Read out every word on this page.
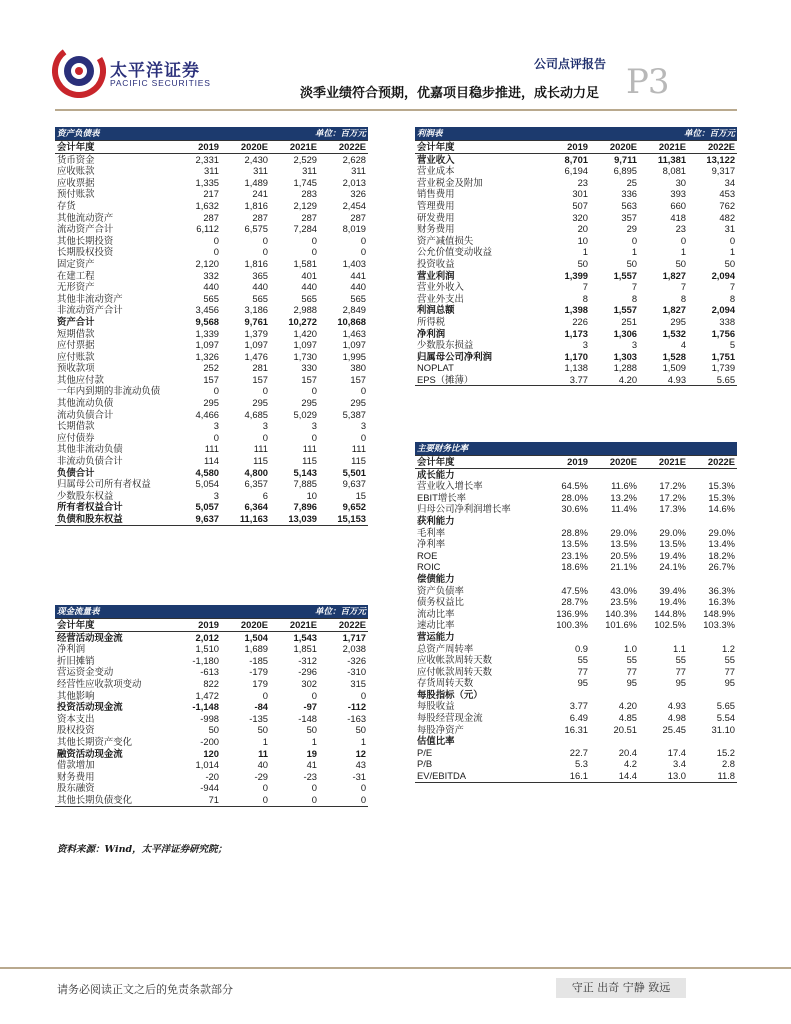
太平洋证券
PACIFIC SECURITIES
公司点评报告
淡季业绩符合预期，优嘉项目稳步推进，成长动力足 P3
资产负债表			单位：百万元	
会计年度	2019	2020E	2021E	2022E
货币资金	2,331	2,430	2,529	2,628
应收账款	311	311	311	311
应收票据	1,335	1,489	1,745	2,013
预付账款	217	241	283	326
存货	1,632	1,816	2,129	2,454
其他流动资产	287	287	287	287
流动资产合计	6,112	6,575	7,284	8,019
其他长期投资	0	0	0	0
长期股权投资	0	0	0	0
固定资产	2,120	1,816	1,581	1,403
在建工程	332	365	401	441
无形资产	440	440	440	440
其他非流动资产	565	565	565	565
非流动资产合计	3,456	3,186	2,988	2,849
资产合计	9,568	9,761	10,272	10,868
短期借款	1,339	1,379	1,420	1,463
应付票据	1,097	1,097	1,097	1,097
应付账款	1,326	1,476	1,730	1,995
预收款项	252	281	330	380
其他应付款	157	157	157	157
一年内到期的非流动负债	0	0	0	0
其他流动负债	295	295	295	295
流动负债合计	4,466	4,685	5,029	5,387
长期借款	3	3	3	3
应付债券	0	0	0	0
其他非流动负债	111	111	111	111
非流动负债合计	114	115	115	115
负债合计	4,580	4,800	5,143	5,501
归属母公司所有者权益	5,054	6,357	7,885	9,637
少数股东权益	3	6	10	15
所有者权益合计	5,057	6,364	7,896	9,652
负债和股东权益	9,637	11,163	13,039	15,153
现金流量表			单位：百万元	
会计年度	2019	2020E	2021E	2022E
经营活动现金流	2,012	1,504	1,543	1,717
净利润	1,510	1,689	1,851	2,038
折旧摊销	-1,180	-185	-312	-326
营运资金变动	-613	-179	-296	-310
经营性应收款项变动	822	179	302	315
其他影响	1,472	0	0	0
投资活动现金流	-1,148	-84	-97	-112
资本支出	-998	-135	-148	-163
股权投资	50	50	50	50
其他长期资产变化	-200	1	1	1
融资活动现金流	120	11	19	12
借款增加	1,014	40	41	43
财务费用	-20	-29	-23	-31
股东融资	-944	0	0	0
其他长期负债变化	71	0	0	0
利润表			单位：百万元	
会计年度	2019	2020E	2021E	2022E
营业收入	8,701	9,711	11,381	13,122
营业成本	6,194	6,895	8,081	9,317
营业税金及附加	23	25	30	34
销售费用	301	336	393	453
管理费用	507	563	660	762
研发费用	320	357	418	482
财务费用	20	29	23	31
资产减值损失	10	0	0	0
公允价值变动收益	1	1	1	1
投资收益	50	50	50	50
营业利润	1,399	1,557	1,827	2,094
营业外收入	7	7	7	7
营业外支出	8	8	8	8
利润总额	1,398	1,557	1,827	2,094
所得税	226	251	295	338
净利润	1,173	1,306	1,532	1,756
少数股东损益	3	3	4	5
归属母公司净利润	1,170	1,303	1,528	1,751
NOPLAT	1,138	1,288	1,509	1,739
EPS（摊薄）	3.77	4.20	4.93	5.65
主要财务比率				
会计年度	2019	2020E	2021E	2022E
成长能力				
营业收入增长率	64.5%	11.6%	17.2%	15.3%
EBIT增长率	28.0%	13.2%	17.2%	15.3%
归母公司净利润增长率	30.6%	11.4%	17.3%	14.6%
获利能力				
毛利率	28.8%	29.0%	29.0%	29.0%
净利率	13.5%	13.5%	13.5%	13.4%
ROE	23.1%	20.5%	19.4%	18.2%
ROIC	18.6%	21.1%	24.1%	26.7%
偿债能力				
资产负债率	47.5%	43.0%	39.4%	36.3%
债务权益比	28.7%	23.5%	19.4%	16.3%
流动比率	136.9%	140.3%	144.8%	148.9%
速动比率	100.3%	101.6%	102.5%	103.3%
营运能力				
总资产周转率	0.9	1.0	1.1	1.2
应收帐款周转天数	55	55	55	55
应付帐款周转天数	77	77	77	77
存货周转天数	95	95	95	95
每股指标（元）				
每股收益	3.77	4.20	4.93	5.65
每股经营现金流	6.49	4.85	4.98	5.54
每股净资产	16.31	20.51	25.45	31.10
估值比率				
P/E	22.7	20.4	17.4	15.2
P/B	5.3	4.2	3.4	2.8
EV/EBITDA	16.1	14.4	13.0	11.8
资料来源：Wind，太平洋证券研究院；
请务必阅读正文之后的免责条款部分	守正 出奇 宁静 致远
